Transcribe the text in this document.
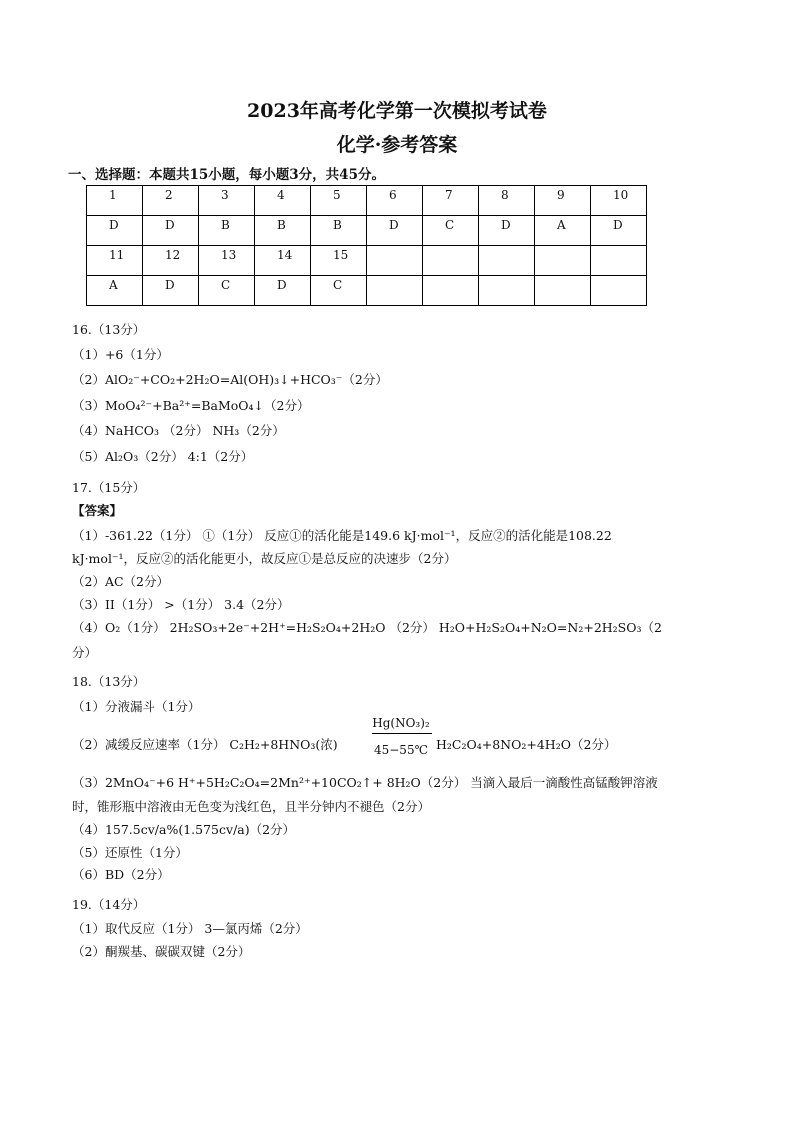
2023年高考化学第一次模拟考试卷
化学·参考答案
一、选择题：本题共15小题，每小题3分，共45分。
1	2	3	4	5	6	7	8	9	10
D	D	B	B	B	D	C	D	A	D
11	12	13	14	15					
A	D	C	D	C					
16.（13分）
（1）+6（1分）
（2）AlO₂⁻+CO₂+2H₂O=Al(OH)₃↓+HCO₃⁻（2分）
（3）MoO₄²⁻+Ba²⁺=BaMoO₄↓（2分）
（4）NaHCO₃ （2分） NH₃（2分）
（5）Al₂O₃（2分） 4:1（2分）
17.（15分）
【答案】
（1）-361.22（1分） ①（1分） 反应①的活化能是149.6 kJ·mol⁻¹，反应②的活化能是108.22
kJ·mol⁻¹，反应②的活化能更小，故反应①是总反应的决速步（2分）
（2）AC（2分）
（3）II（1分） >（1分） 3.4（2分）
（4）O₂（1分） 2H₂SO₃+2e⁻+2H⁺=H₂S₂O₄+2H₂O （2分） H₂O+H₂S₂O₄+N₂O=N₂+2H₂SO₃（2
分）
18.（13分）
（1）分液漏斗（1分）
（2）减缓反应速率（1分） C₂H₂+8HNO₃(浓)
Hg(NO₃)₂
45−55℃ H₂C₂O₄+8NO₂+4H₂O（2分）
（3）2MnO₄⁻+6 H⁺+5H₂C₂O₄=2Mn²⁺+10CO₂↑+ 8H₂O（2分） 当滴入最后一滴酸性高锰酸钾溶液
时，锥形瓶中溶液由无色变为浅红色，且半分钟内不褪色（2分）
（4）157.5cv/a%(1.575cv/a)（2分）
（5）还原性（1分）
（6）BD（2分）
19.（14分）
（1）取代反应（1分） 3—氯丙烯（2分）
（2）酮羰基、碳碳双键（2分）
